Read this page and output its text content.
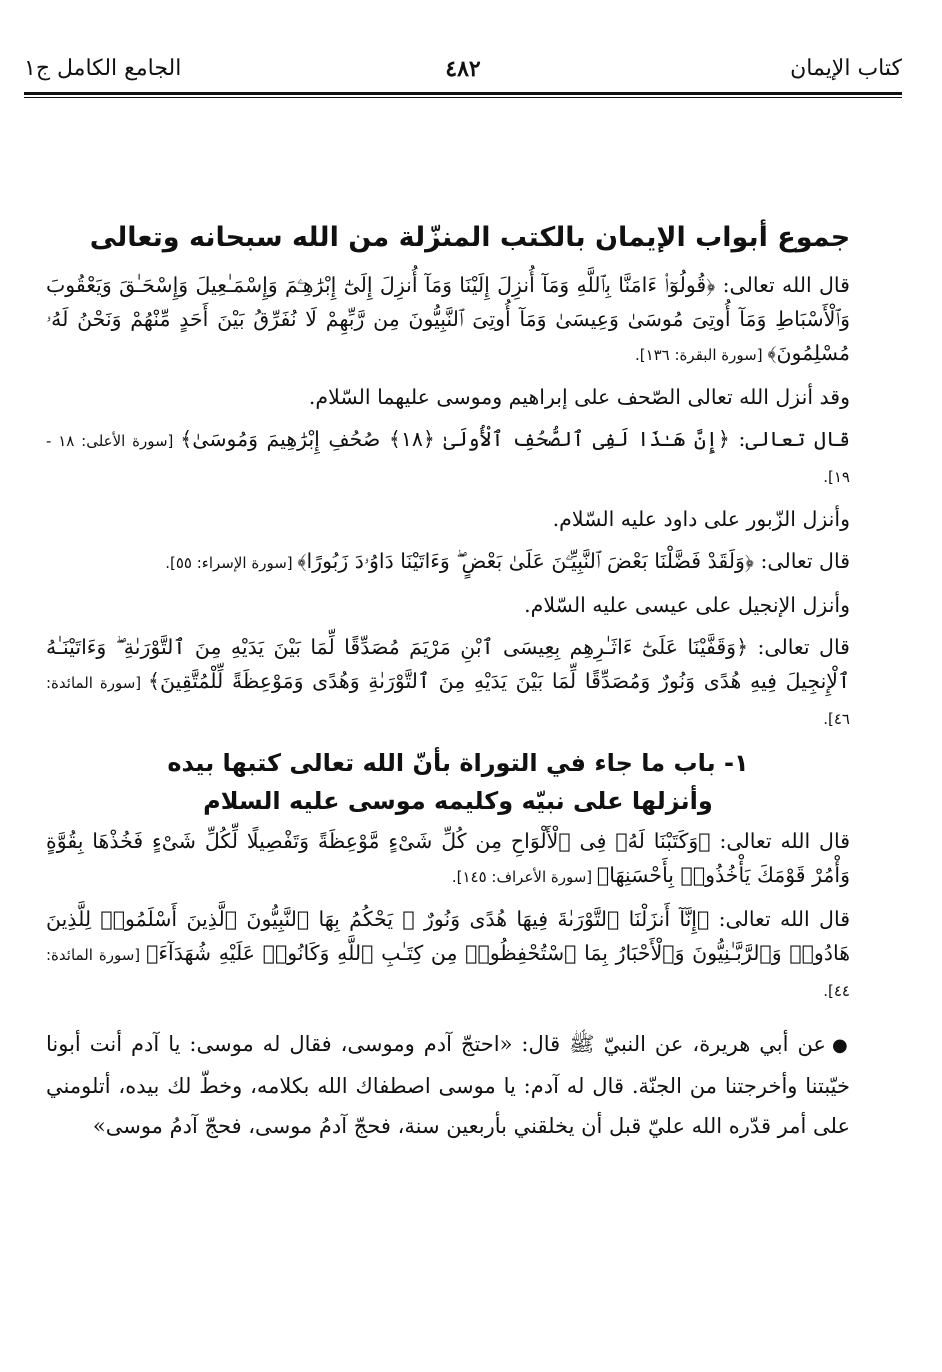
كتاب الإيمان
٤٨٢
الجامع الكامل ج١
جموع أبواب الإيمان بالكتب المنزّلة من الله سبحانه وتعالى

قال الله تعالى: ﴿قُولُوٓا۟ ءَامَنَّا بِٱللَّهِ وَمَآ أُنزِلَ إِلَيْنَا وَمَآ أُنزِلَ إِلَىٰٓ إِبْرَٰهِـۧمَ وَإِسْمَـٰعِيلَ وَإِسْحَـٰقَ وَيَعْقُوبَ وَٱلْأَسْبَاطِ وَمَآ أُوتِىَ مُوسَىٰ وَعِيسَىٰ وَمَآ أُوتِىَ ٱلنَّبِيُّونَ مِن رَّبِّهِمْ لَا نُفَرِّقُ بَيْنَ أَحَدٍ مِّنْهُمْ وَنَحْنُ لَهُۥ مُسْلِمُونَ﴾ [سورة البقرة: ١٣٦].

وقد أنزل الله تعالى الصّحف على إبراهيم وموسى عليهما السّلام.

قال تعالى: ﴿إِنَّ هَـٰذَا لَفِى ٱلصُّحُفِ ٱلْأُولَىٰ ﴿١٨﴾ صُحُفِ إِبْرَٰهِيمَ وَمُوسَىٰ﴾ [سورة الأعلى: ١٨ - ١٩].

وأنزل الزّبور على داود عليه السّلام.

قال تعالى: ﴿وَلَقَدْ فَضَّلْنَا بَعْضَ ٱلنَّبِيِّـۧنَ عَلَىٰ بَعْضٍ ۖ وَءَاتَيْنَا دَاوُۥدَ زَبُورًا﴾ [سورة الإسراء: ٥٥].

وأنزل الإنجيل على عيسى عليه السّلام.

قال تعالى: ﴿وَقَفَّيْنَا عَلَىٰٓ ءَاثَـٰرِهِم بِعِيسَى ٱبْنِ مَرْيَمَ مُصَدِّقًا لِّمَا بَيْنَ يَدَيْهِ مِنَ ٱلتَّوْرَىٰةِ ۖ وَءَاتَيْنَـٰهُ ٱلْإِنجِيلَ فِيهِ هُدًى وَنُورٌ وَمُصَدِّقًا لِّمَا بَيْنَ يَدَيْهِ مِنَ ٱلتَّوْرَىٰةِ وَهُدًى وَمَوْعِظَةً لِّلْمُتَّقِينَ﴾ [سورة المائدة: ٤٦].

١- باب ما جاء في التوراة بأنّ الله تعالى كتبها بيده
وأنزلها على نبيّه وكليمه موسى عليه السلام

قال الله تعالى: ﴿وَكَتَبْنَا لَهُۥ فِى ٱلْأَلْوَاحِ مِن كُلِّ شَىْءٍ مَّوْعِظَةً وَتَفْصِيلًا لِّكُلِّ شَىْءٍ فَخُذْهَا بِقُوَّةٍ وَأْمُرْ قَوْمَكَ يَأْخُذُوا۟ بِأَحْسَنِهَا﴾ [سورة الأعراف: ١٤٥].

قال الله تعالى: ﴿إِنَّآ أَنزَلْنَا ٱلتَّوْرَىٰةَ فِيهَا هُدًى وَنُورٌ ۚ يَحْكُمُ بِهَا ٱلنَّبِيُّونَ ٱلَّذِينَ أَسْلَمُوا۟ لِلَّذِينَ هَادُوا۟ وَٱلرَّبَّـٰنِيُّونَ وَٱلْأَحْبَارُ بِمَا ٱسْتُحْفِظُوا۟ مِن كِتَـٰبِ ٱللَّهِ وَكَانُوا۟ عَلَيْهِ شُهَدَآءَ﴾ [سورة المائدة: ٤٤].

●عن أبي هريرة، عن النبيّ ﷺ قال: «احتجّ آدم وموسى، فقال له موسى: يا آدم أنت أبونا خيّبتنا وأخرجتنا من الجنّة. قال له آدم: يا موسى اصطفاك الله بكلامه، وخطّ لك بيده، أتلومني على أمر قدّره الله عليّ قبل أن يخلقني بأربعين سنة، فحجّ آدمُ موسى، فحجّ آدمُ موسى»
